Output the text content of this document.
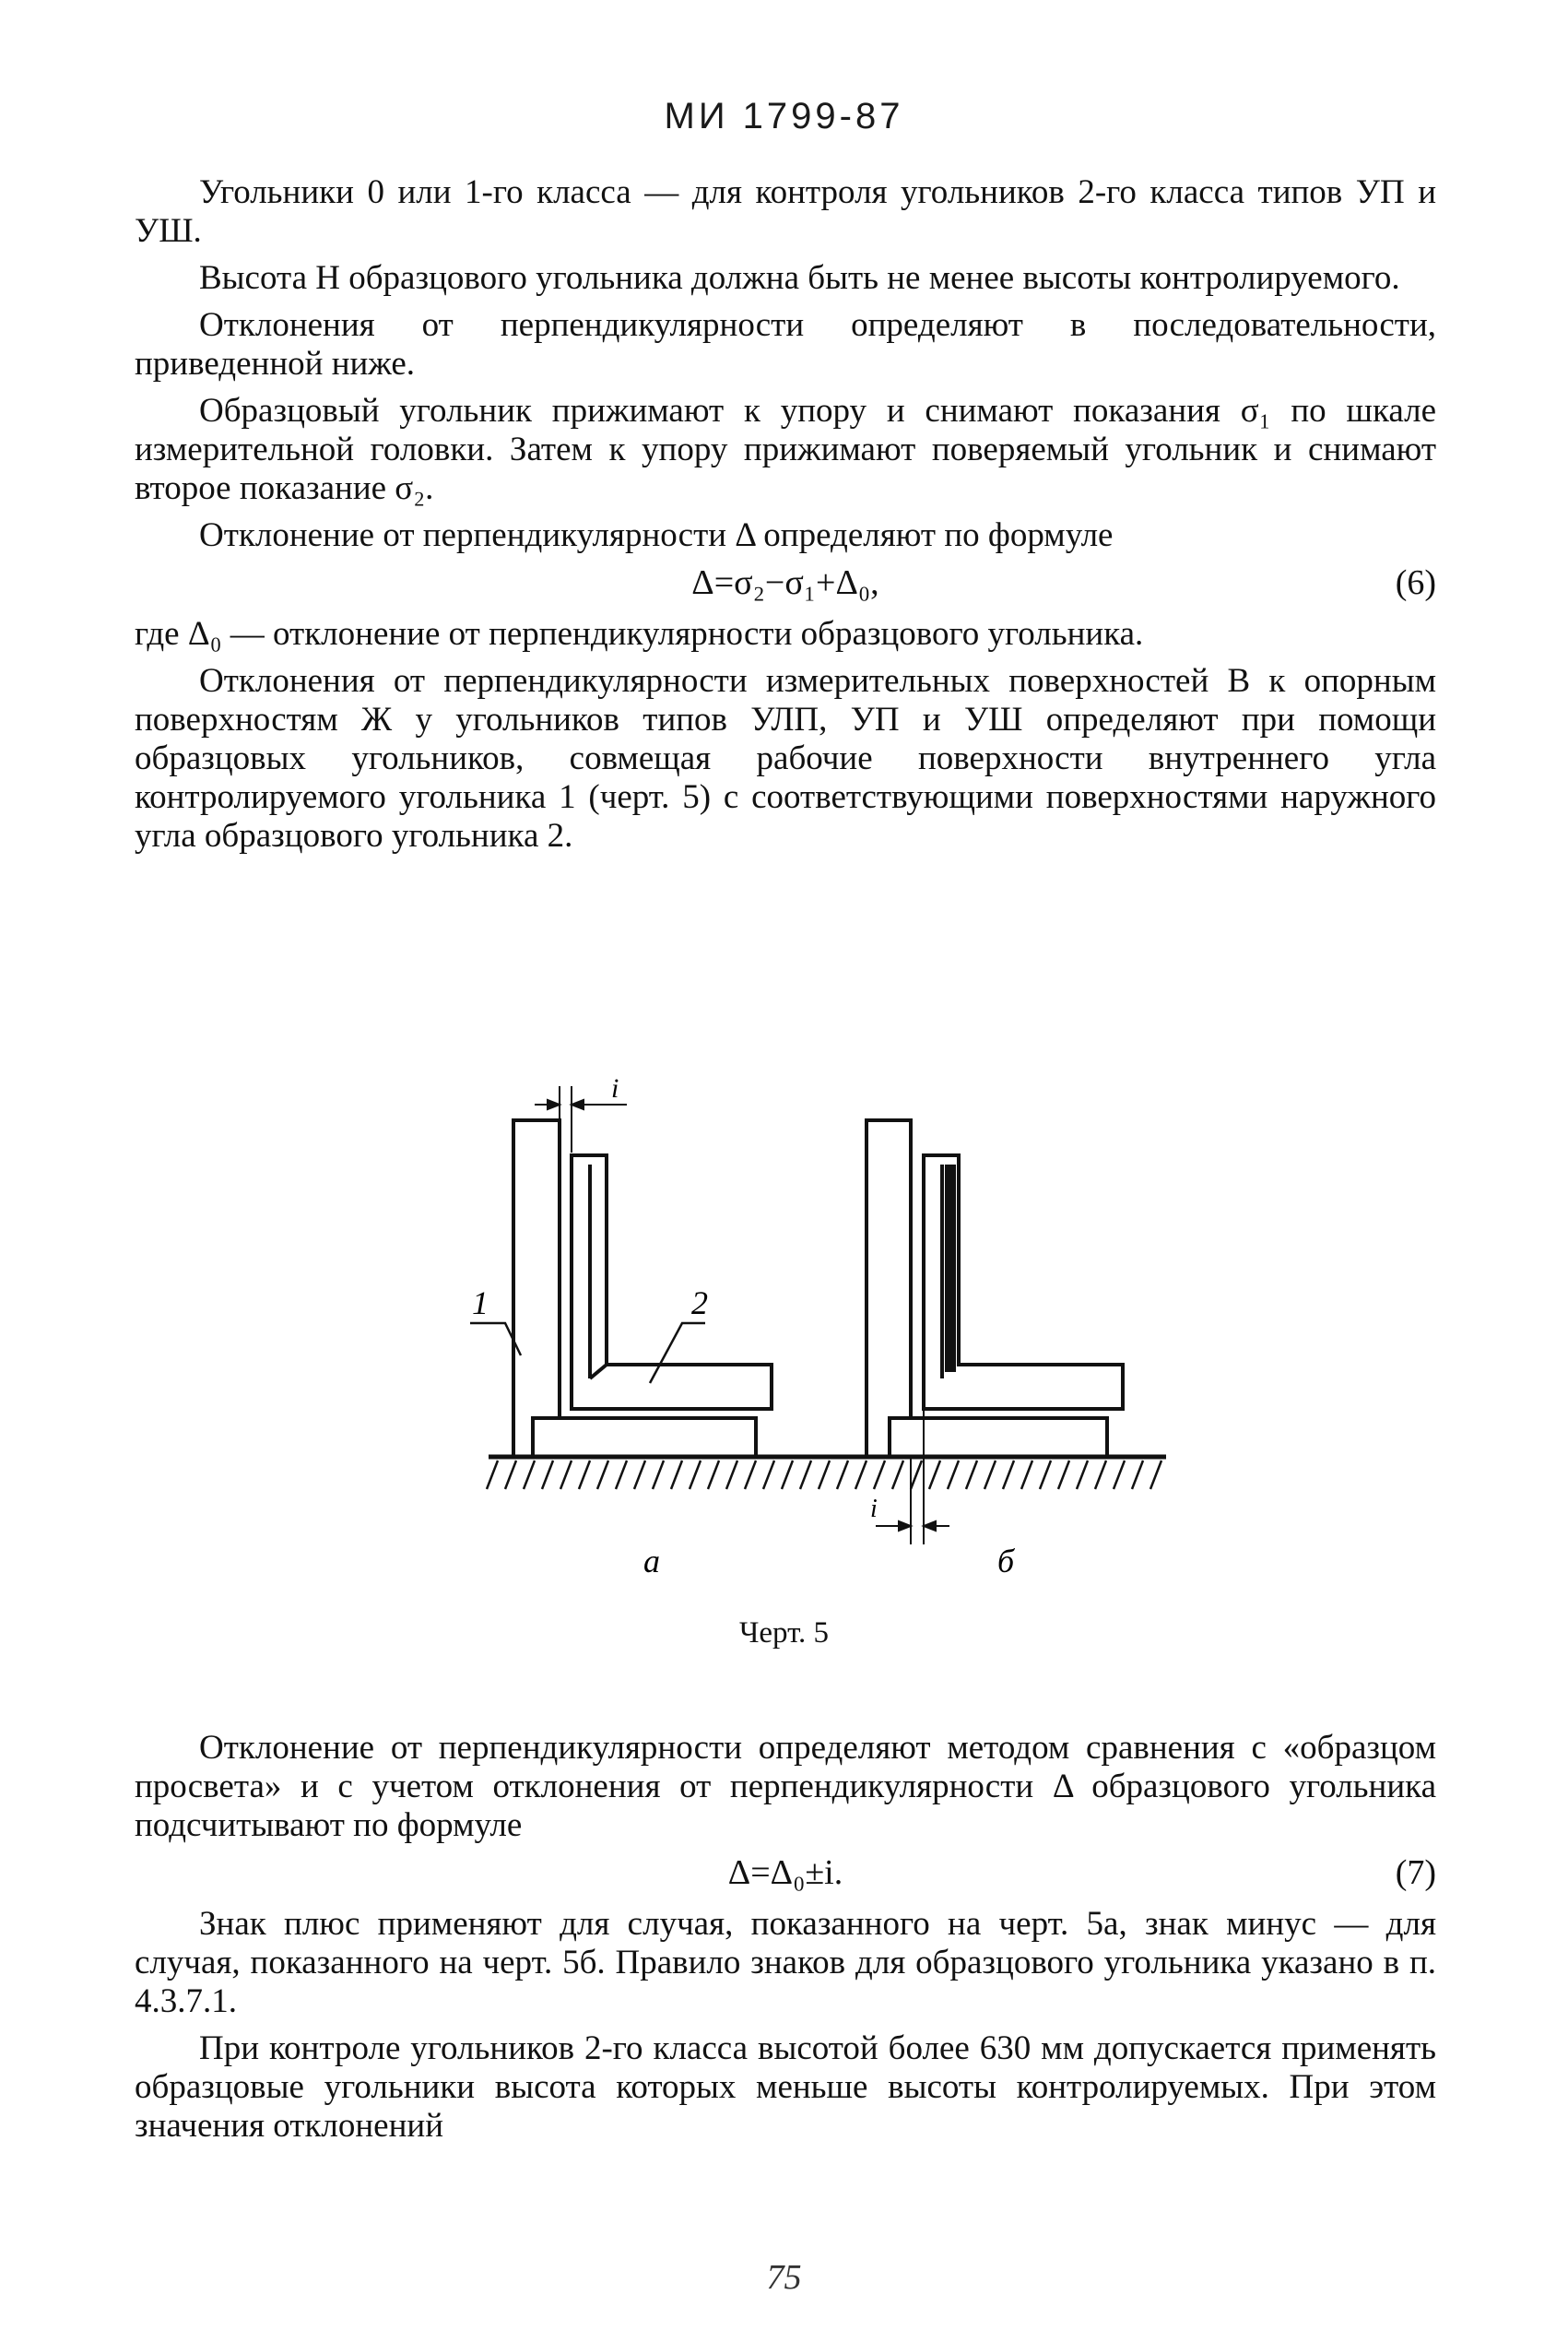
МИ 1799-87

Угольники 0 или 1-го класса — для контроля угольников 2-го класса типов УП и УШ.

Высота H образцового угольника должна быть не менее высоты контролируемого.

Отклонения от перпендикулярности определяют в последовательности, приведенной ниже.

Образцовый угольник прижимают к упору и снимают показания σ₁ по шкале измерительной головки. Затем к упору прижимают поверяемый угольник и снимают второе показание σ₂.

Отклонение от перпендикулярности Δ определяют по формуле

Δ=σ₂−σ₁+Δ₀,	(6)

где Δ₀ — отклонение от перпендикулярности образцового угольника.

Отклонения от перпендикулярности измерительных поверхностей B к опорным поверхностям Ж у угольников типов УЛП, УП и УШ определяют при помощи образцовых угольников, совмещая рабочие поверхности внутреннего угла контролируемого угольника 1 (черт. 5) с соответствующими поверхностями наружного угла образцового угольника 2.

i
1	2
i
а	б
Черт. 5

Отклонение от перпендикулярности определяют методом сравнения с «образцом просвета» и с учетом отклонения от перпендикулярности Δ образцового угольника подсчитывают по формуле

Δ=Δ₀±i.	(7)

Знак плюс применяют для случая, показанного на черт. 5а, знак минус — для случая, показанного на черт. 5б. Правило знаков для образцового угольника указано в п. 4.3.7.1.

При контроле угольников 2-го класса высотой более 630 мм допускается применять образцовые угольники высота которых меньше высоты контролируемых. При этом значения отклонений

75
